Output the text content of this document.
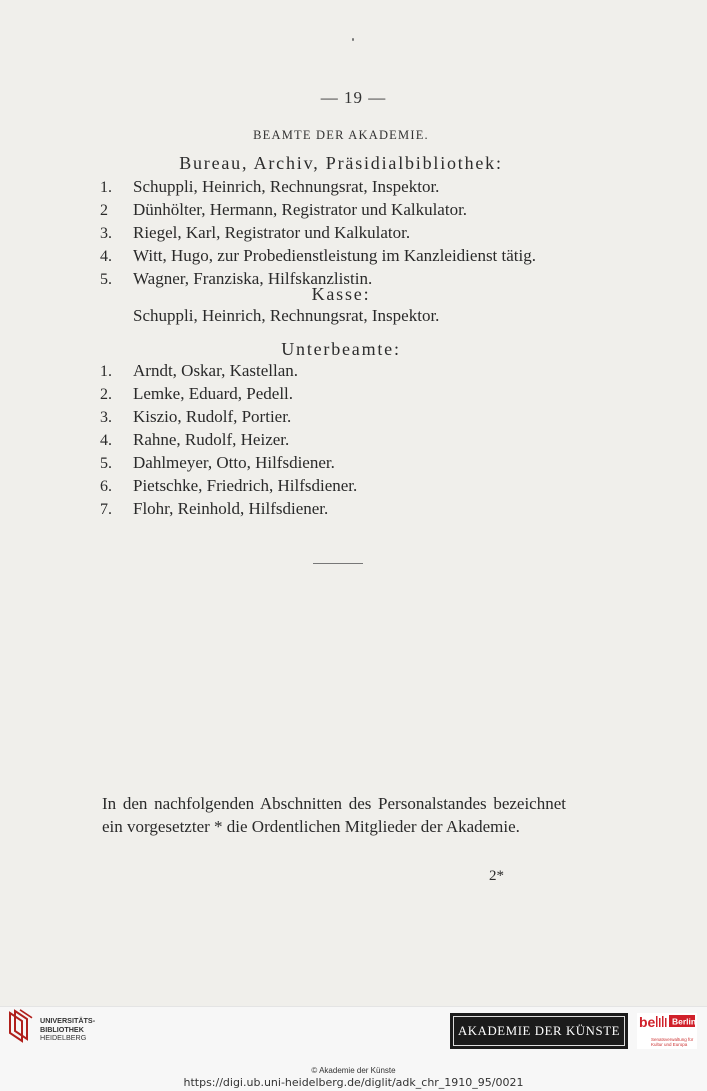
— 19 —
BEAMTE DER AKADEMIE.
Bureau, Archiv, Präsidialbibliothek:
1. Schuppli, Heinrich, Rechnungsrat, Inspektor.
2 Dünhölter, Hermann, Registrator und Kalkulator.
3. Riegel, Karl, Registrator und Kalkulator.
4. Witt, Hugo, zur Probedienstleistung im Kanzleidienst tätig.
5. Wagner, Franziska, Hilfskanzlistin.
Kasse:
Schuppli, Heinrich, Rechnungsrat, Inspektor.
Unterbeamte:
1. Arndt, Oskar, Kastellan.
2. Lemke, Eduard, Pedell.
3. Kiszio, Rudolf, Portier.
4. Rahne, Rudolf, Heizer.
5. Dahlmeyer, Otto, Hilfsdiener.
6. Pietschke, Friedrich, Hilfsdiener.
7. Flohr, Reinhold, Hilfsdiener.
In den nachfolgenden Abschnitten des Personalstandes bezeichnet ein vorgesetzter * die Ordentlichen Mitglieder der Akademie.
2*
UNIVERSITÄTS-
BIBLIOTHEK
HEIDELBERG
AKADEMIE DER KÜNSTE
be Berlin
Senatsverwaltung für Kultur und Europa
© Akademie der Künste
https://digi.ub.uni-heidelberg.de/diglit/adk_chr_1910_95/0021
